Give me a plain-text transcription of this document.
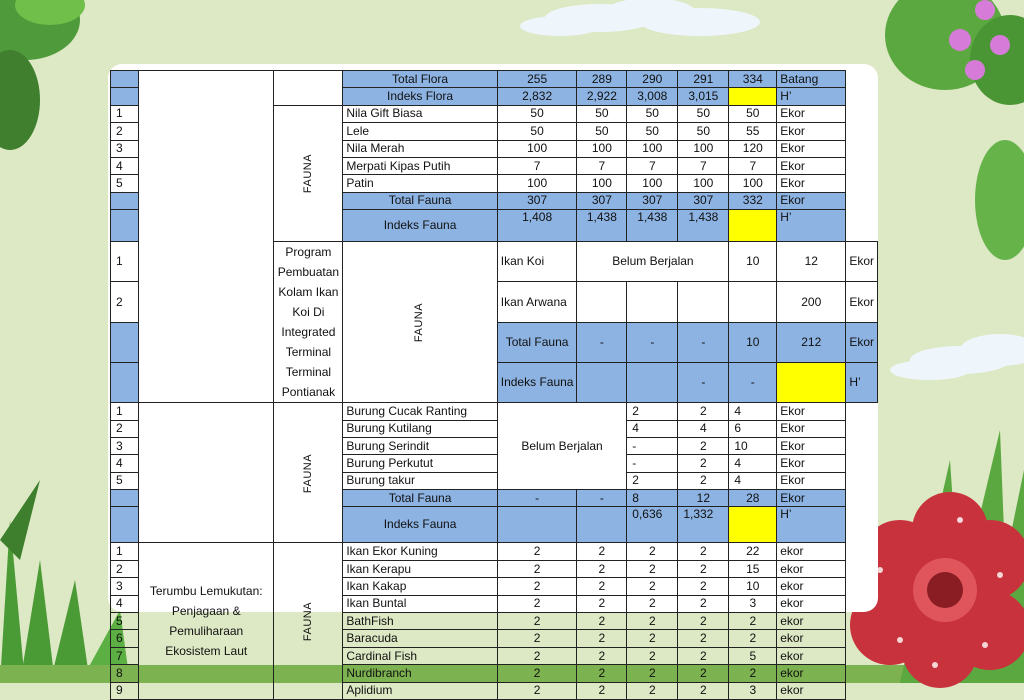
			Total Flora	255	289	290	291	334	Batang	
			Indeks Flora	2,832	2,922	3,008	3,015		H’	
1		FAUNA	Nila Gift Biasa	50	50	50	50	50	Ekor	
2			Lele	50	50	50	50	55	Ekor	
3			Nila Merah	100	100	100	100	120	Ekor	
4			Merpati Kipas Putih	7	7	7	7	7	Ekor	
5			Patin	100	100	100	100	100	Ekor	
			Total Fauna	307	307	307	307	332	Ekor	
			Indeks Fauna	1,408	1,438	1,438	1,438		H’	
1		Program Pembuatan Kolam Ikan Koi Di Integrated Terminal Terminal Pontianak	FAUNA	Ikan Koi	Belum Berjalan			10	12	Ekor
2				Ikan Arwana					200	Ekor
				Total Fauna	-	-	-	10	212	Ekor
				Indeks Fauna			-	-		H’
1		FAUNA	Burung Cucak Ranting	Belum Berjalan		2	2	4	Ekor	
2			Burung Kutilang			4	4	6	Ekor	
3			Burung Serindit			-	2	10	Ekor	
4			Burung Perkutut			-	2	4	Ekor	
5			Burung takur			2	2	4	Ekor	
			Total Fauna	-	-	8	12	28	Ekor	
			Indeks Fauna			0,636	1,332		H’	
1	Terumbu Lemukutan: Penjagaan & Pemuliharaan Ekosistem Laut	FAUNA	Ikan Ekor Kuning	2	2	2	2	22	ekor	
2			Ikan Kerapu	2	2	2	2	15	ekor	
3			Ikan Kakap	2	2	2	2	10	ekor	
4			Ikan Buntal	2	2	2	2	3	ekor	
5			BathFish	2	2	2	2	2	ekor	
6			Baracuda	2	2	2	2	2	ekor	
7			Cardinal Fish	2	2	2	2	5	ekor	
8			Nurdibranch	2	2	2	2	2	ekor	
9			Aplidium	2	2	2	2	3	ekor	
